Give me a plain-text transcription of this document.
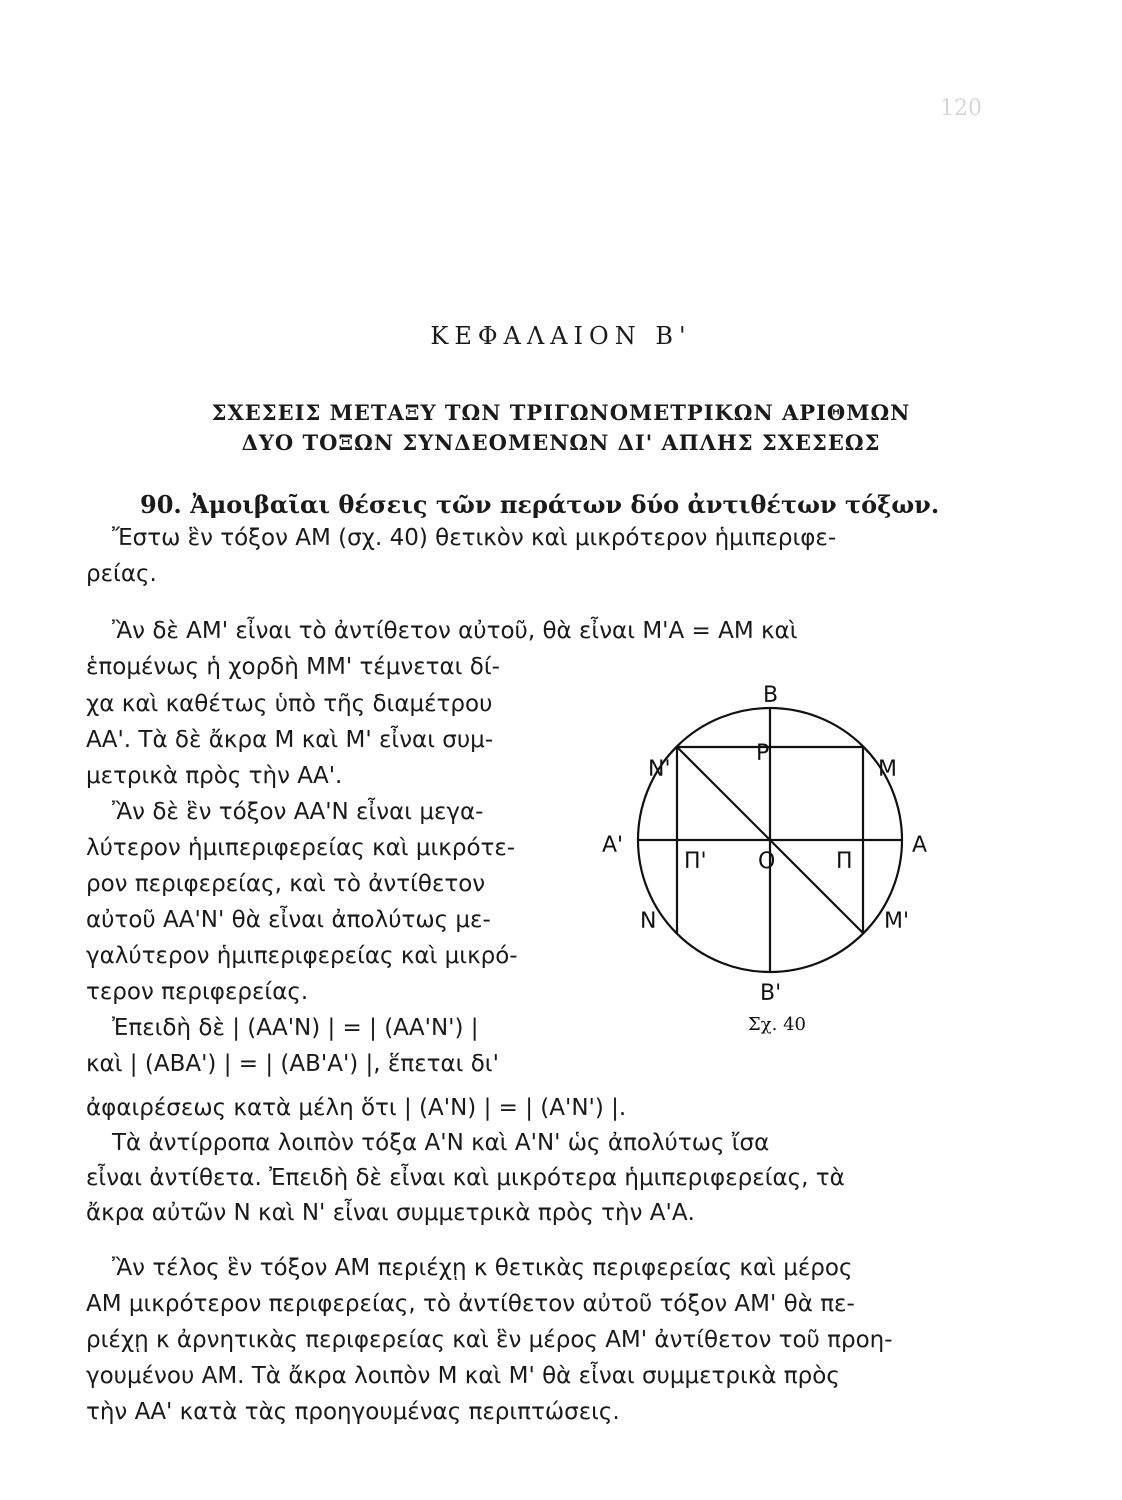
120
ΚΕΦΑΛΑΙΟΝ Β'
ΣΧΕΣΕΙΣ ΜΕΤΑΞΥ ΤΩΝ ΤΡΙΓΩΝΟΜΕΤΡΙΚΩΝ ΑΡΙΘΜΩΝ
ΔΥΟ ΤΟΞΩΝ ΣΥΝΔΕΟΜΕΝΩΝ ΔΙ' ΑΠΛΗΣ ΣΧΕΣΕΩΣ
90. Ἀμοιβαῖαι θέσεις τῶν περάτων δύο ἀντιθέτων τόξων.
Ἔστω ἓν τόξον ΑΜ (σχ. 40) θετικὸν καὶ μικρότερον ἡμιπεριφε-
ρείας.
Ἂν δὲ ΑΜ' εἶναι τὸ ἀντίθετον αὐτοῦ, θὰ εἶναι Μ'Α = ΑΜ καὶ
ἑπομένως ἡ χορδὴ ΜΜ' τέμνεται δί-
χα καὶ καθέτως ὑπὸ τῆς διαμέτρου
ΑΑ'. Τὰ δὲ ἄκρα Μ καὶ Μ' εἶναι συμ-
μετρικὰ πρὸς τὴν ΑΑ'.
Ἂν δὲ ἓν τόξον ΑΑ'Ν εἶναι μεγα-
λύτερον ἡμιπεριφερείας καὶ μικρότε-
ρον περιφερείας, καὶ τὸ ἀντίθετον
αὐτοῦ ΑΑ'Ν' θὰ εἶναι ἀπολύτως με-
γαλύτερον ἡμιπεριφερείας καὶ μικρό-
τερον περιφερείας.
Ἐπειδὴ δὲ | (ΑΑ'Ν) | = | (ΑΑ'Ν') |
καὶ | (ΑΒΑ') | = | (ΑΒ'Α') |, ἕπεται δι'
ἀφαιρέσεως κατὰ μέλη ὅτι | (Α'Ν) | = | (Α'Ν') |.
Τὰ ἀντίρροπα λοιπὸν τόξα Α'Ν καὶ Α'Ν' ὡς ἀπολύτως ἴσα
εἶναι ἀντίθετα. Ἐπειδὴ δὲ εἶναι καὶ μικρότερα ἡμιπεριφερείας, τὰ
ἄκρα αὐτῶν Ν καὶ Ν' εἶναι συμμετρικὰ πρὸς τὴν Α'Α.
Ἂν τέλος ἓν τόξον ΑΜ περιέχῃ κ θετικὰς περιφερείας καὶ μέρος
ΑΜ μικρότερον περιφερείας, τὸ ἀντίθετον αὐτοῦ τόξον ΑΜ' θὰ πε-
ριέχῃ κ ἀρνητικὰς περιφερείας καὶ ἓν μέρος ΑΜ' ἀντίθετον τοῦ προη-
γουμένου ΑΜ. Τὰ ἄκρα λοιπὸν Μ καὶ Μ' θὰ εἶναι συμμετρικὰ πρὸς
τὴν ΑΑ' κατὰ τὰς προηγουμένας περιπτώσεις.
Β
Ρ
Ν'	Μ
Α'
Π' Ο	Π
Α
Ν	Μ'
Β'
Σχ. 40
